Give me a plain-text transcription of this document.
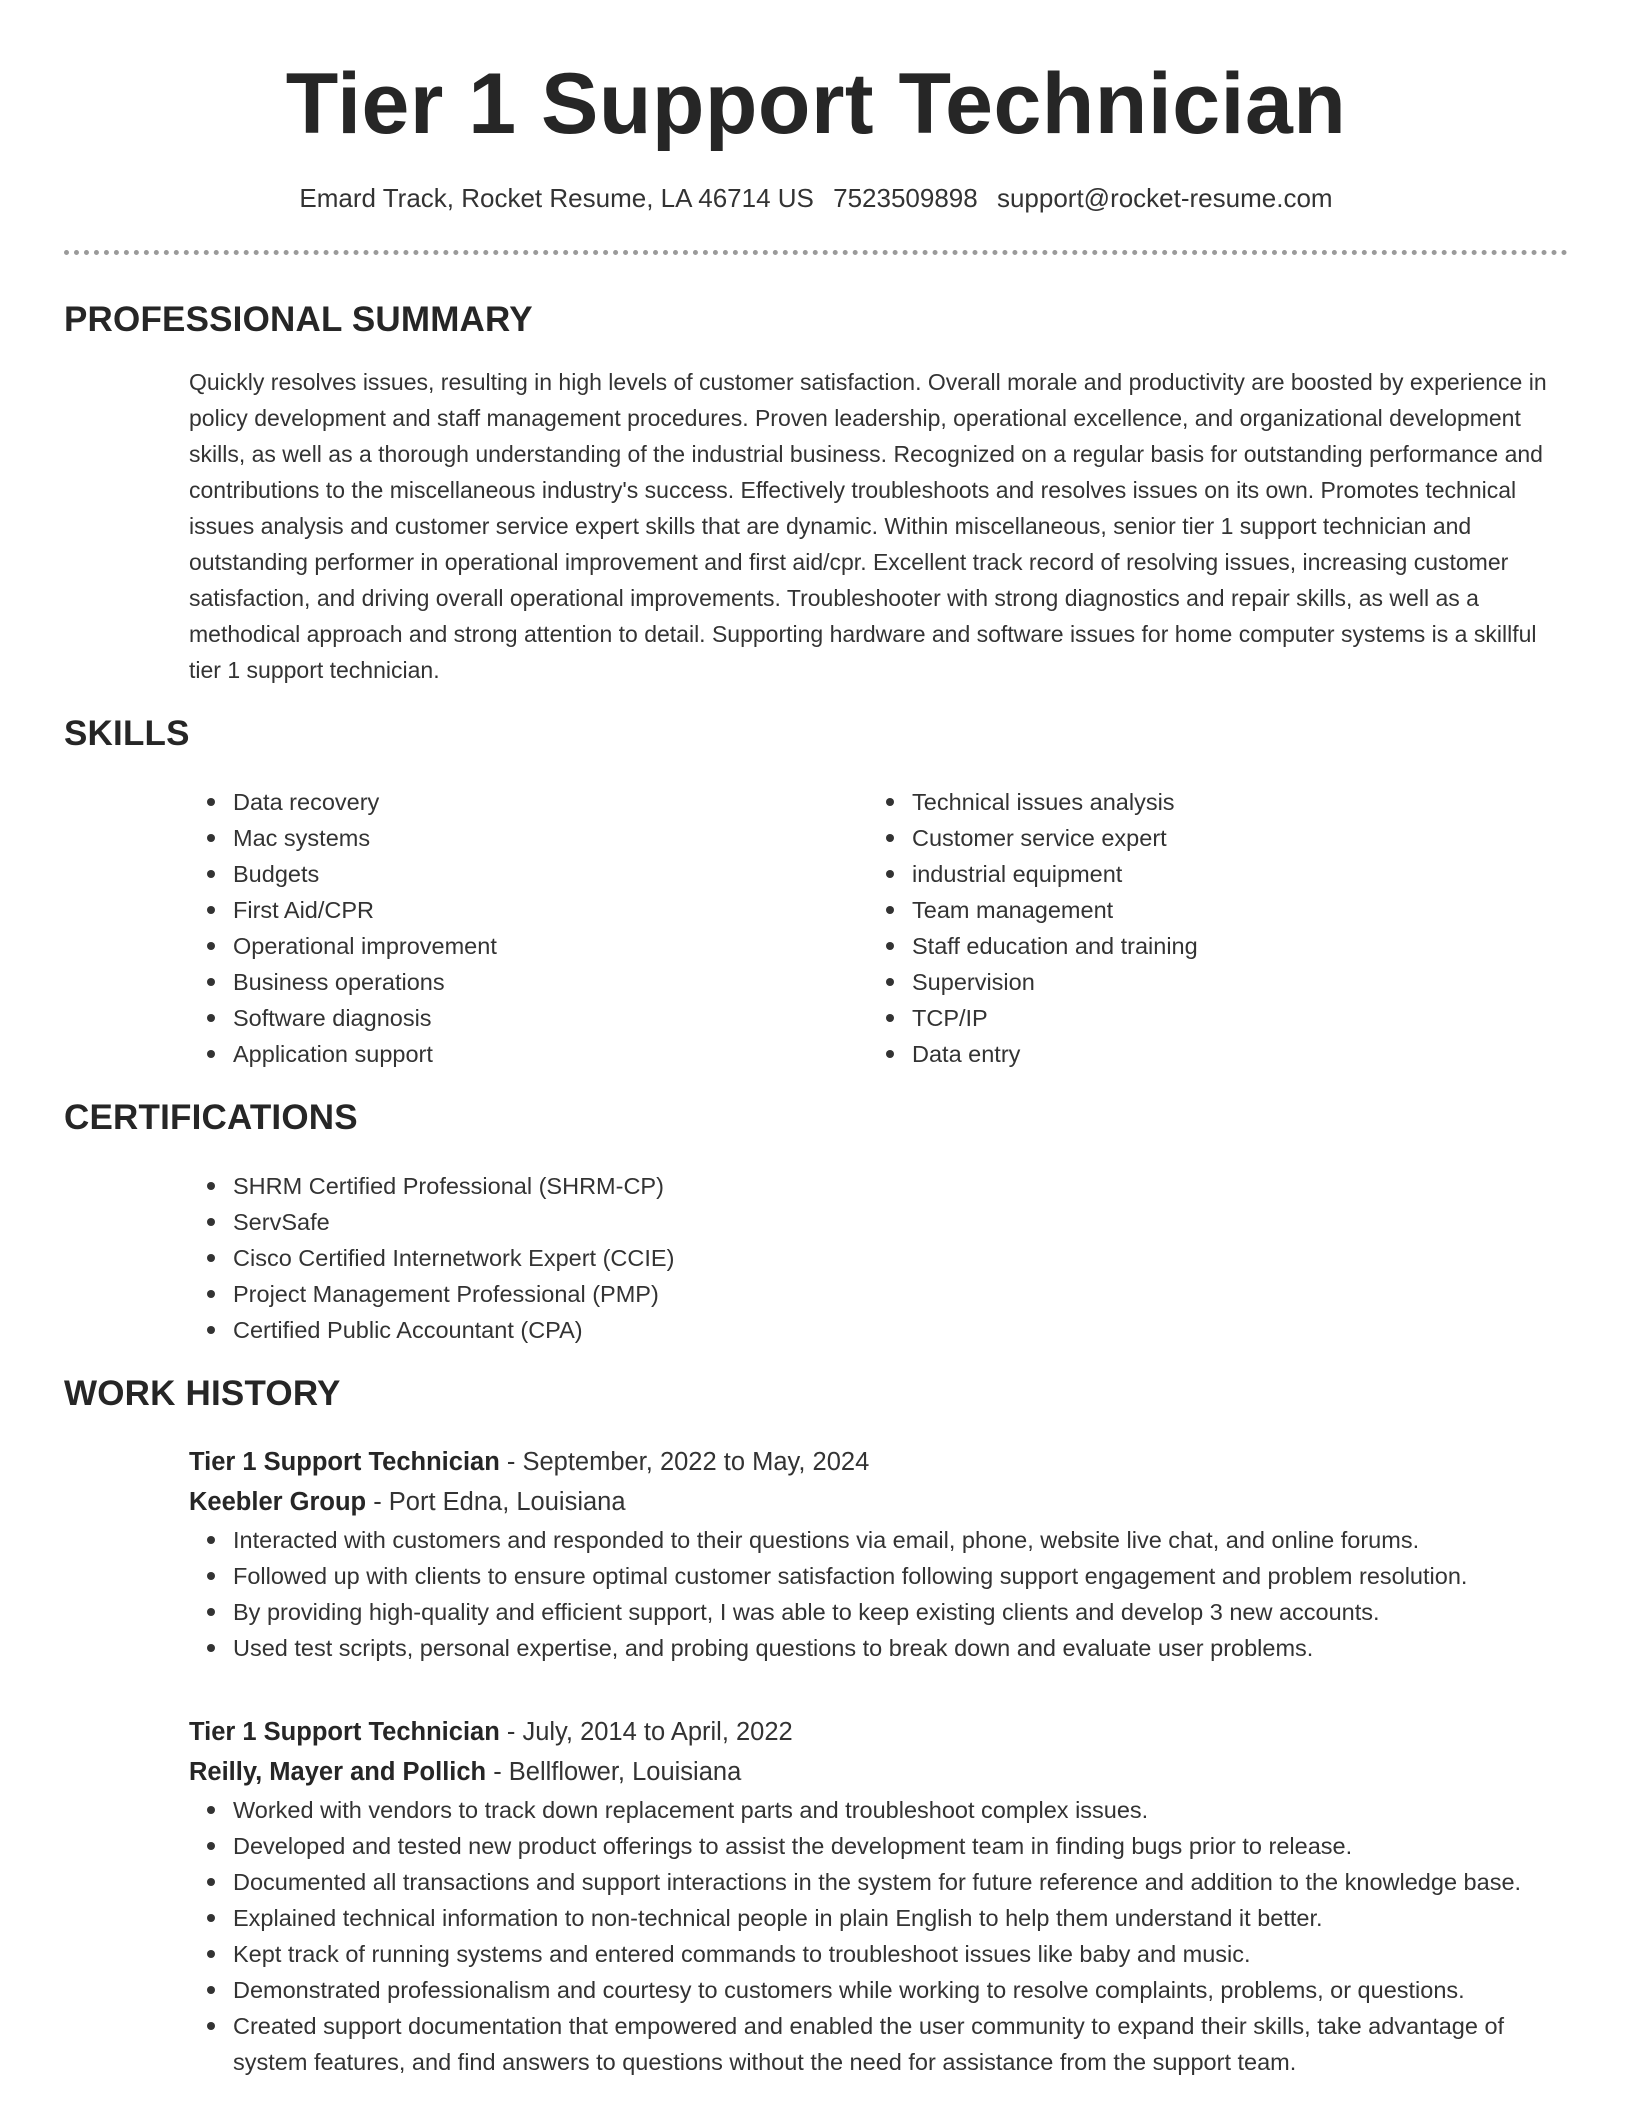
Tier 1 Support Technician
Emard Track, Rocket Resume, LA 46714 US 7523509898 support@rocket-resume.com
PROFESSIONAL SUMMARY
Quickly resolves issues, resulting in high levels of customer satisfaction. Overall morale and productivity are boosted by experience in policy development and staff management procedures. Proven leadership, operational excellence, and organizational development skills, as well as a thorough understanding of the industrial business. Recognized on a regular basis for outstanding performance and contributions to the miscellaneous industry's success. Effectively troubleshoots and resolves issues on its own. Promotes technical issues analysis and customer service expert skills that are dynamic. Within miscellaneous, senior tier 1 support technician and outstanding performer in operational improvement and first aid/cpr. Excellent track record of resolving issues, increasing customer satisfaction, and driving overall operational improvements. Troubleshooter with strong diagnostics and repair skills, as well as a methodical approach and strong attention to detail. Supporting hardware and software issues for home computer systems is a skillful tier 1 support technician.
SKILLS
Data recovery
Mac systems
Budgets
First Aid/CPR
Operational improvement
Business operations
Software diagnosis
Application support
Technical issues analysis
Customer service expert
industrial equipment
Team management
Staff education and training
Supervision
TCP/IP
Data entry
CERTIFICATIONS
SHRM Certified Professional (SHRM-CP)
ServSafe
Cisco Certified Internetwork Expert (CCIE)
Project Management Professional (PMP)
Certified Public Accountant (CPA)
WORK HISTORY
Tier 1 Support Technician - September, 2022 to May, 2024
Keebler Group - Port Edna, Louisiana
Interacted with customers and responded to their questions via email, phone, website live chat, and online forums.
Followed up with clients to ensure optimal customer satisfaction following support engagement and problem resolution.
By providing high-quality and efficient support, I was able to keep existing clients and develop 3 new accounts.
Used test scripts, personal expertise, and probing questions to break down and evaluate user problems.
Tier 1 Support Technician - July, 2014 to April, 2022
Reilly, Mayer and Pollich - Bellflower, Louisiana
Worked with vendors to track down replacement parts and troubleshoot complex issues.
Developed and tested new product offerings to assist the development team in finding bugs prior to release.
Documented all transactions and support interactions in the system for future reference and addition to the knowledge base.
Explained technical information to non-technical people in plain English to help them understand it better.
Kept track of running systems and entered commands to troubleshoot issues like baby and music.
Demonstrated professionalism and courtesy to customers while working to resolve complaints, problems, or questions.
Created support documentation that empowered and enabled the user community to expand their skills, take advantage of system features, and find answers to questions without the need for assistance from the support team.
